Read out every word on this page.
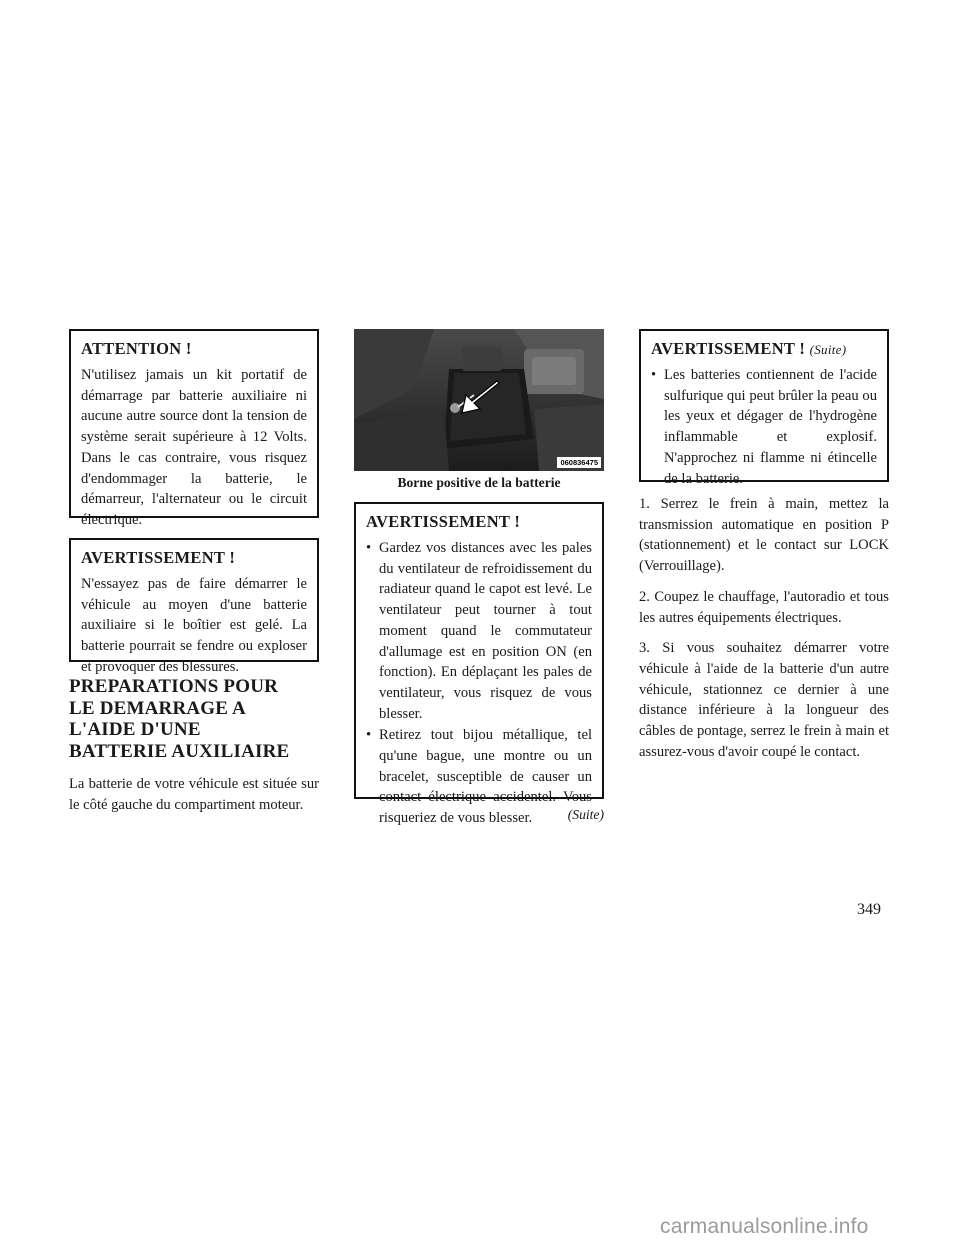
ATTENTION !

N'utilisez jamais un kit portatif de démarrage par batterie auxiliaire ni aucune autre source dont la tension de système serait supérieure à 12 Volts. Dans le cas contraire, vous risquez d'endommager la batterie, le démarreur, l'alternateur ou le circuit électrique.

AVERTISSEMENT !

N'essayez pas de faire démarrer le véhicule au moyen d'une batterie auxiliaire si le boîtier est gelé. La batterie pourrait se fendre ou exploser et provoquer des blessures.

PREPARATIONS POUR LE DEMARRAGE A L'AIDE D'UNE BATTERIE AUXILIAIRE

La batterie de votre véhicule est située sur le côté gauche du compartiment moteur.

060836475
Borne positive de la batterie
AVERTISSEMENT !
• Gardez vos distances avec les pales du ventilateur de refroidissement du radiateur quand le capot est levé. Le ventilateur peut tourner à tout moment quand le commutateur d'allumage est en position ON (en fonction). En déplaçant les pales de ventilateur, vous risquez de vous blesser.
• Retirez tout bijou métallique, tel qu'une bague, une montre ou un bracelet, susceptible de causer un contact électrique accidentel. Vous risqueriez de vous blesser.	(Suite)
AVERTISSEMENT ! (Suite)
• Les batteries contiennent de l'acide sulfurique qui peut brûler la peau ou les yeux et dégager de l'hydrogène inflammable et explosif. N'approchez ni flamme ni étincelle de la batterie.

1. Serrez le frein à main, mettez la transmission automatique en position P (stationnement) et le contact sur LOCK (Verrouillage).

2. Coupez le chauffage, l'autoradio et tous les autres équipements électriques.

3. Si vous souhaitez démarrer votre véhicule à l'aide de la batterie d'un autre véhicule, stationnez ce dernier à une distance inférieure à la longueur des câbles de pontage, serrez le frein à main et assurez-vous d'avoir coupé le contact.

349
carmanualsonline.info
